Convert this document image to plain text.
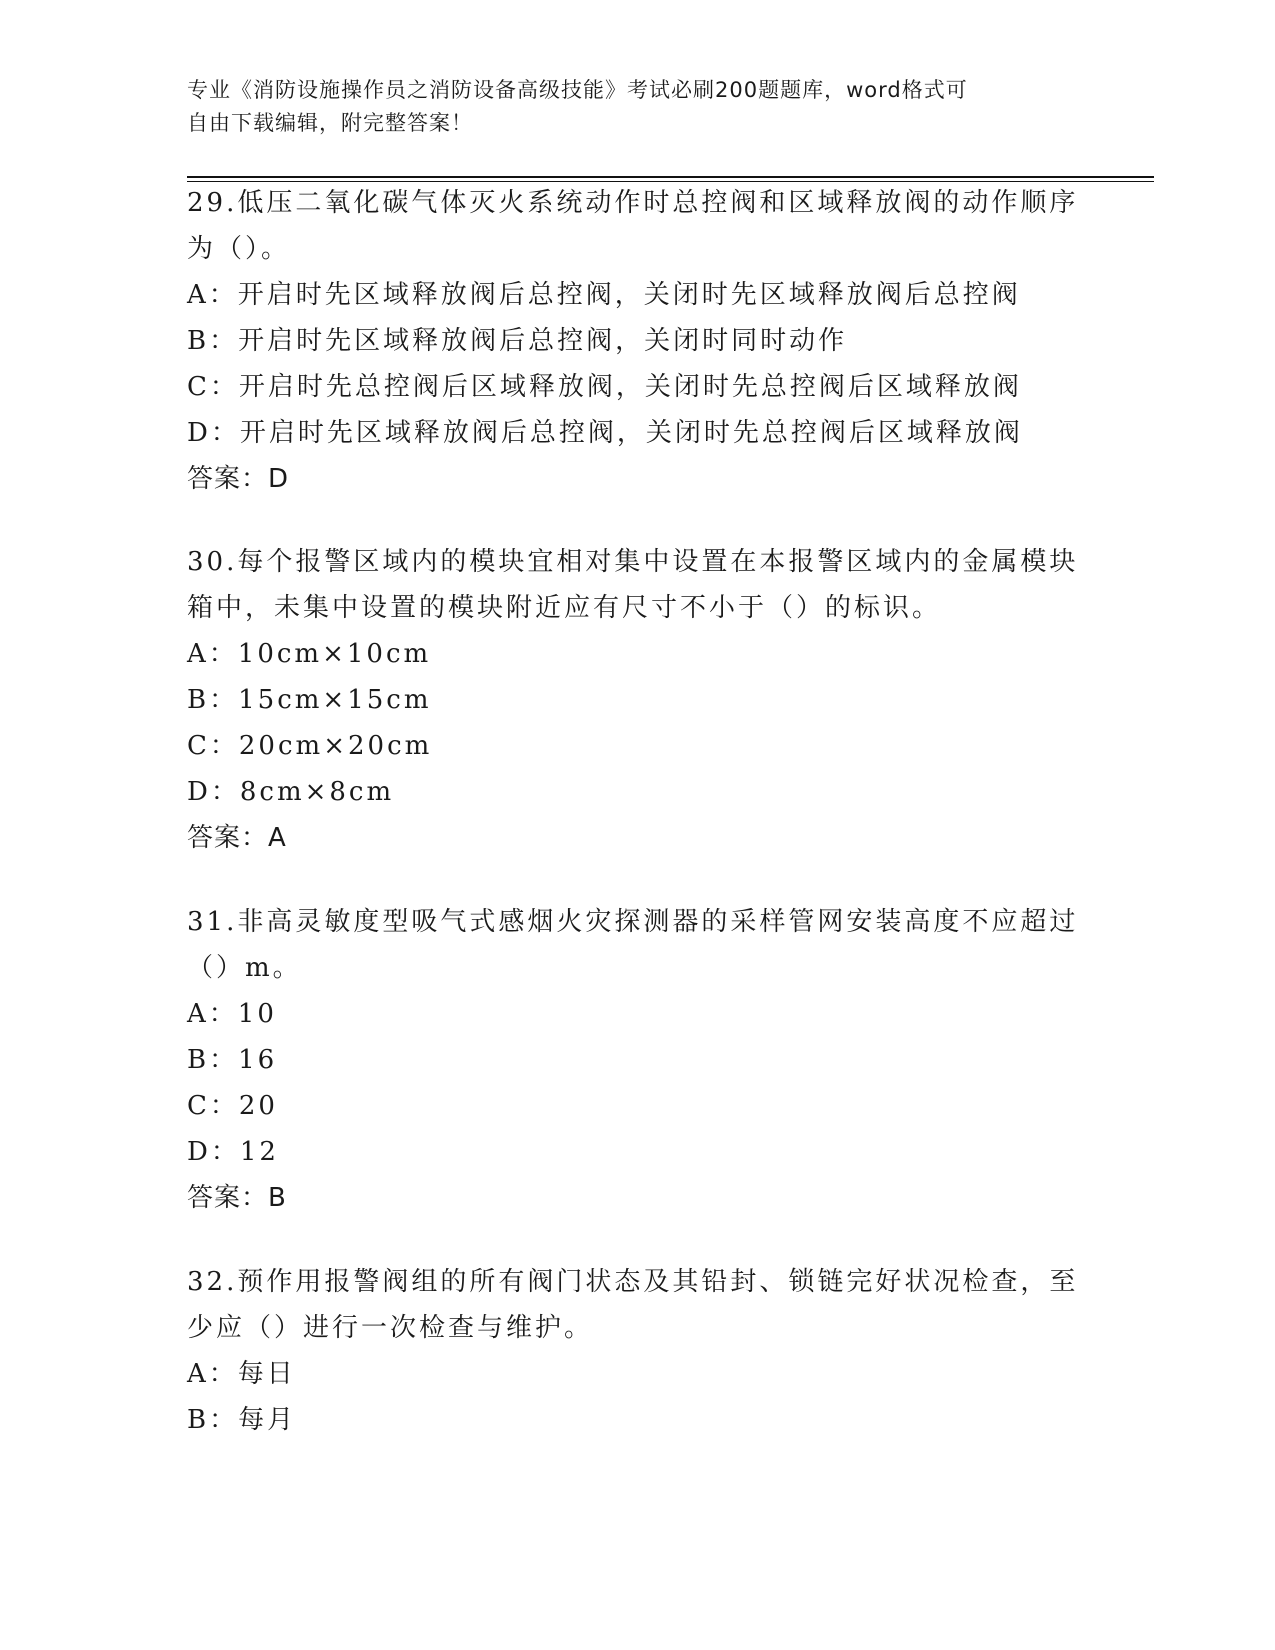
专业《消防设施操作员之消防设备高级技能》考试必刷200题题库，word格式可
自由下载编辑，附完整答案！
29.低压二氧化碳气体灭火系统动作时总控阀和区域释放阀的动作顺序
为（）。
A：开启时先区域释放阀后总控阀，关闭时先区域释放阀后总控阀
B：开启时先区域释放阀后总控阀，关闭时同时动作
C：开启时先总控阀后区域释放阀，关闭时先总控阀后区域释放阀
D：开启时先区域释放阀后总控阀，关闭时先总控阀后区域释放阀
答案：D
30.每个报警区域内的模块宜相对集中设置在本报警区域内的金属模块
箱中，未集中设置的模块附近应有尺寸不小于（）的标识。
A：10cm×10cm
B：15cm×15cm
C：20cm×20cm
D：8cm×8cm
答案：A
31.非高灵敏度型吸气式感烟火灾探测器的采样管网安装高度不应超过
（）m。
A：10
B：16
C：20
D：12
答案：B
32.预作用报警阀组的所有阀门状态及其铅封、锁链完好状况检查，至
少应（）进行一次检查与维护。
A：每日
B：每月
